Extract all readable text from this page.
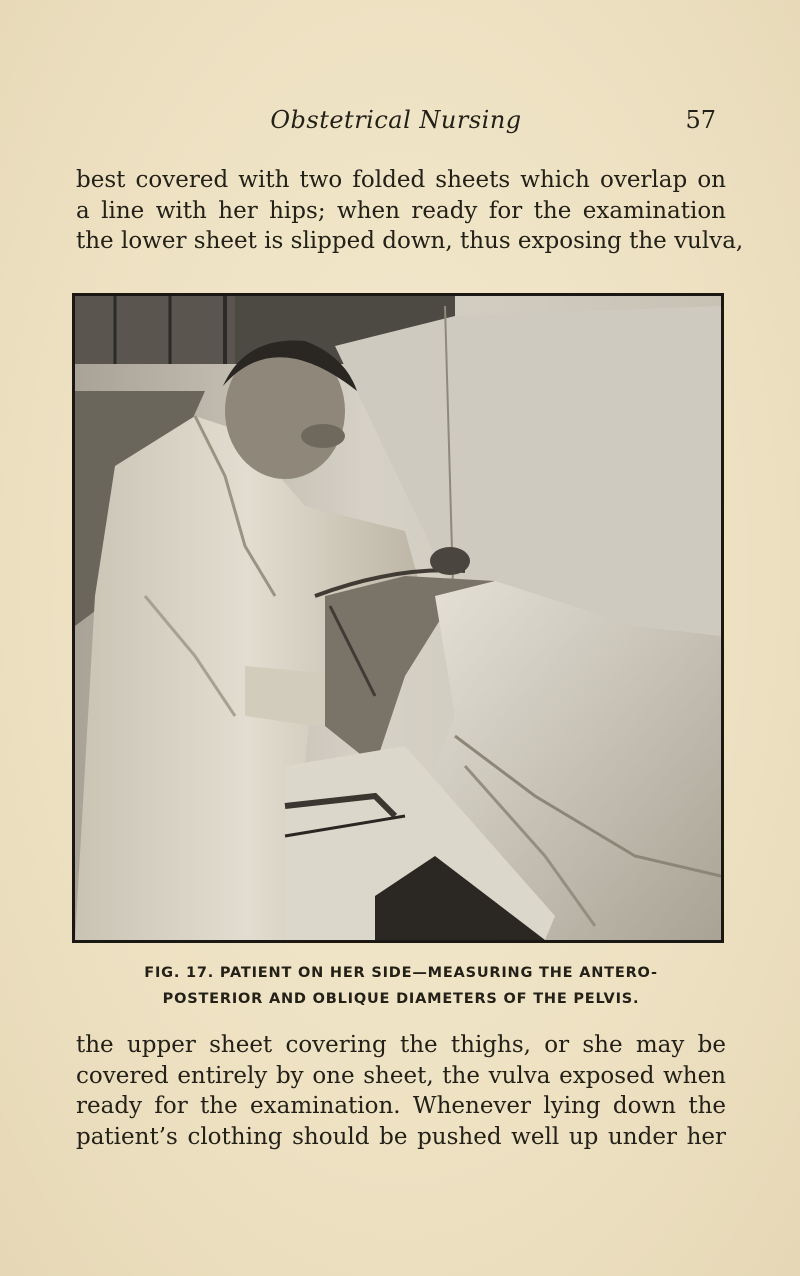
Obstetrical Nursing	57

best covered with two folded sheets which overlap on
a line with her hips; when ready for the examination
the lower sheet is slipped down, thus exposing the vulva,

FIG. 17. PATIENT ON HER SIDE—MEASURING THE ANTERO-
POSTERIOR AND OBLIQUE DIAMETERS OF THE PELVIS.

the upper sheet covering the thighs, or she may be
covered entirely by one sheet, the vulva exposed when
ready for the examination. Whenever lying down the
patient’s clothing should be pushed well up under her
